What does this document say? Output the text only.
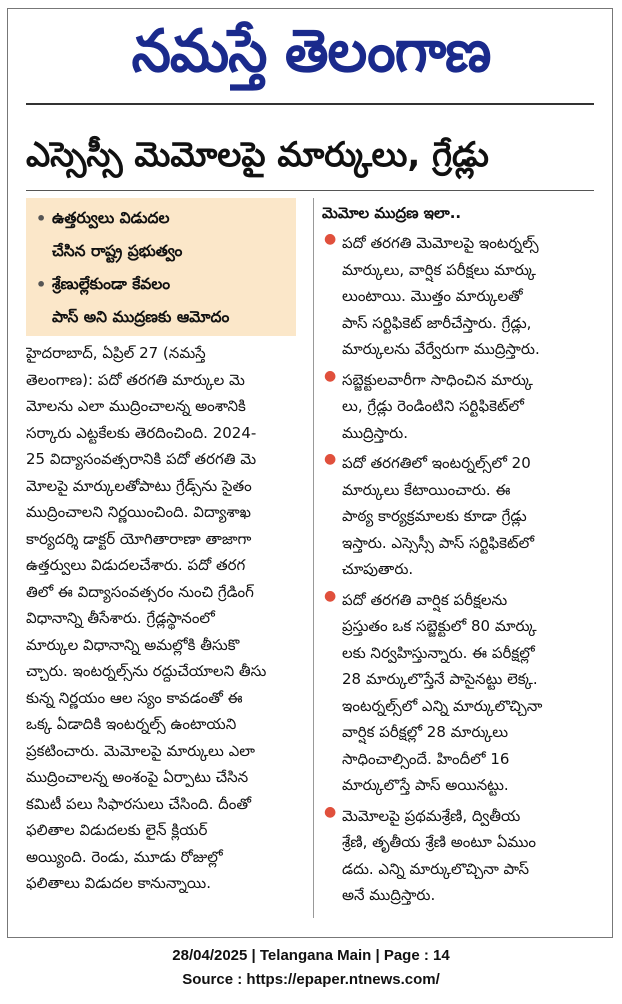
నమస్తే తెలంగాణ
ఎస్సెస్సీ మెమోలపై మార్కులు, గ్రేడ్లు
• ఉత్తర్వులు విడుదల
చేసిన రాష్ట్ర ప్రభుత్వం
• శ్రేణుల్లేకుండా కేవలం
పాస్ అని ముద్రణకు ఆమోదం

హైదరాబాద్, ఏప్రిల్ 27 (నమస్తే
తెలంగాణ): పదో తరగతి మార్కుల మె
మోలను ఎలా ముద్రించాలన్న అంశానికి
సర్కారు ఎట్టకేలకు తెరదించింది. 2024-
25 విద్యాసంవత్సరానికి పదో తరగతి మె
మోలపై మార్కులతోపాటు గ్రేడ్స్‌ను సైతం
ముద్రించాలని నిర్ణయించింది. విద్యాశాఖ
కార్యదర్శి డాక్టర్ యోగితారాణా తాజాగా
ఉత్తర్వులు విడుదలచేశారు. పదో తరగ
తిలో ఈ విద్యాసంవత్సరం నుంచి గ్రేడింగ్
విధానాన్ని తీసేశారు. గ్రేడ్లస్థానంలో
మార్కుల విధానాన్ని అమల్లోకి తీసుకొ
చ్చారు. ఇంటర్నల్స్‌ను రద్దుచేయాలని తీసు
కున్న నిర్ణయం ఆల స్యం కావడంతో ఈ
ఒక్క ఏడాదికి ఇంటర్నల్స్ ఉంటాయని
ప్రకటించారు. మెమోలపై మార్కులు ఎలా
ముద్రించాలన్న అంశంపై ఏర్పాటు చేసిన
కమిటీ పలు సిఫారసులు చేసింది. దీంతో
ఫలితాల విడుదలకు లైన్ క్లియర్
అయ్యింది. రెండు, మూడు రోజుల్లో
ఫలితాలు విడుదల కానున్నాయి.

మెమోల ముద్రణ ఇలా..
● పదో తరగతి మెమోలపై ఇంటర్నల్స్
మార్కులు, వార్షిక పరీక్షలు మార్కు
లుంటాయి. మొత్తం మార్కులతో
పాస్ సర్టిఫికెట్ జారీచేస్తారు. గ్రేడ్లు,
మార్కులను వేర్వేరుగా ముద్రిస్తారు.
● సబ్జెక్టులవారీగా సాధించిన మార్కు
లు, గ్రేడ్లు రెండింటిని సర్టిఫికెట్‌లో
ముద్రిస్తారు.
● పదో తరగతిలో ఇంటర్నల్స్‌లో 20
మార్కులు కేటాయించారు. ఈ
పాఠ్య కార్యక్రమాలకు కూడా గ్రేడ్లు
ఇస్తారు. ఎస్సెస్సీ పాస్ సర్టిఫికెట్‌లో
చూపుతారు.
● పదో తరగతి వార్షిక పరీక్షలను
ప్రస్తుతం ఒక సబ్జెక్టులో 80 మార్కు
లకు నిర్వహిస్తున్నారు. ఈ పరీక్షల్లో
28 మార్కులొస్తేనే పాసైనట్టు లెక్క.
ఇంటర్నల్స్‌లో ఎన్ని మార్కులొచ్చినా
వార్షిక పరీక్షల్లో 28 మార్కులు
సాధించాల్సిందే. హిందీలో 16
మార్కులొస్తే పాస్ అయినట్టు.
● మెమోలపై ప్రథమశ్రేణి, ద్వితీయ
శ్రేణి, తృతీయ శ్రేణి అంటూ ఏముం
డదు. ఎన్ని మార్కులొచ్చినా పాస్
అనే ముద్రిస్తారు.
28/04/2025 | Telangana Main | Page : 14
Source : https://epaper.ntnews.com/
